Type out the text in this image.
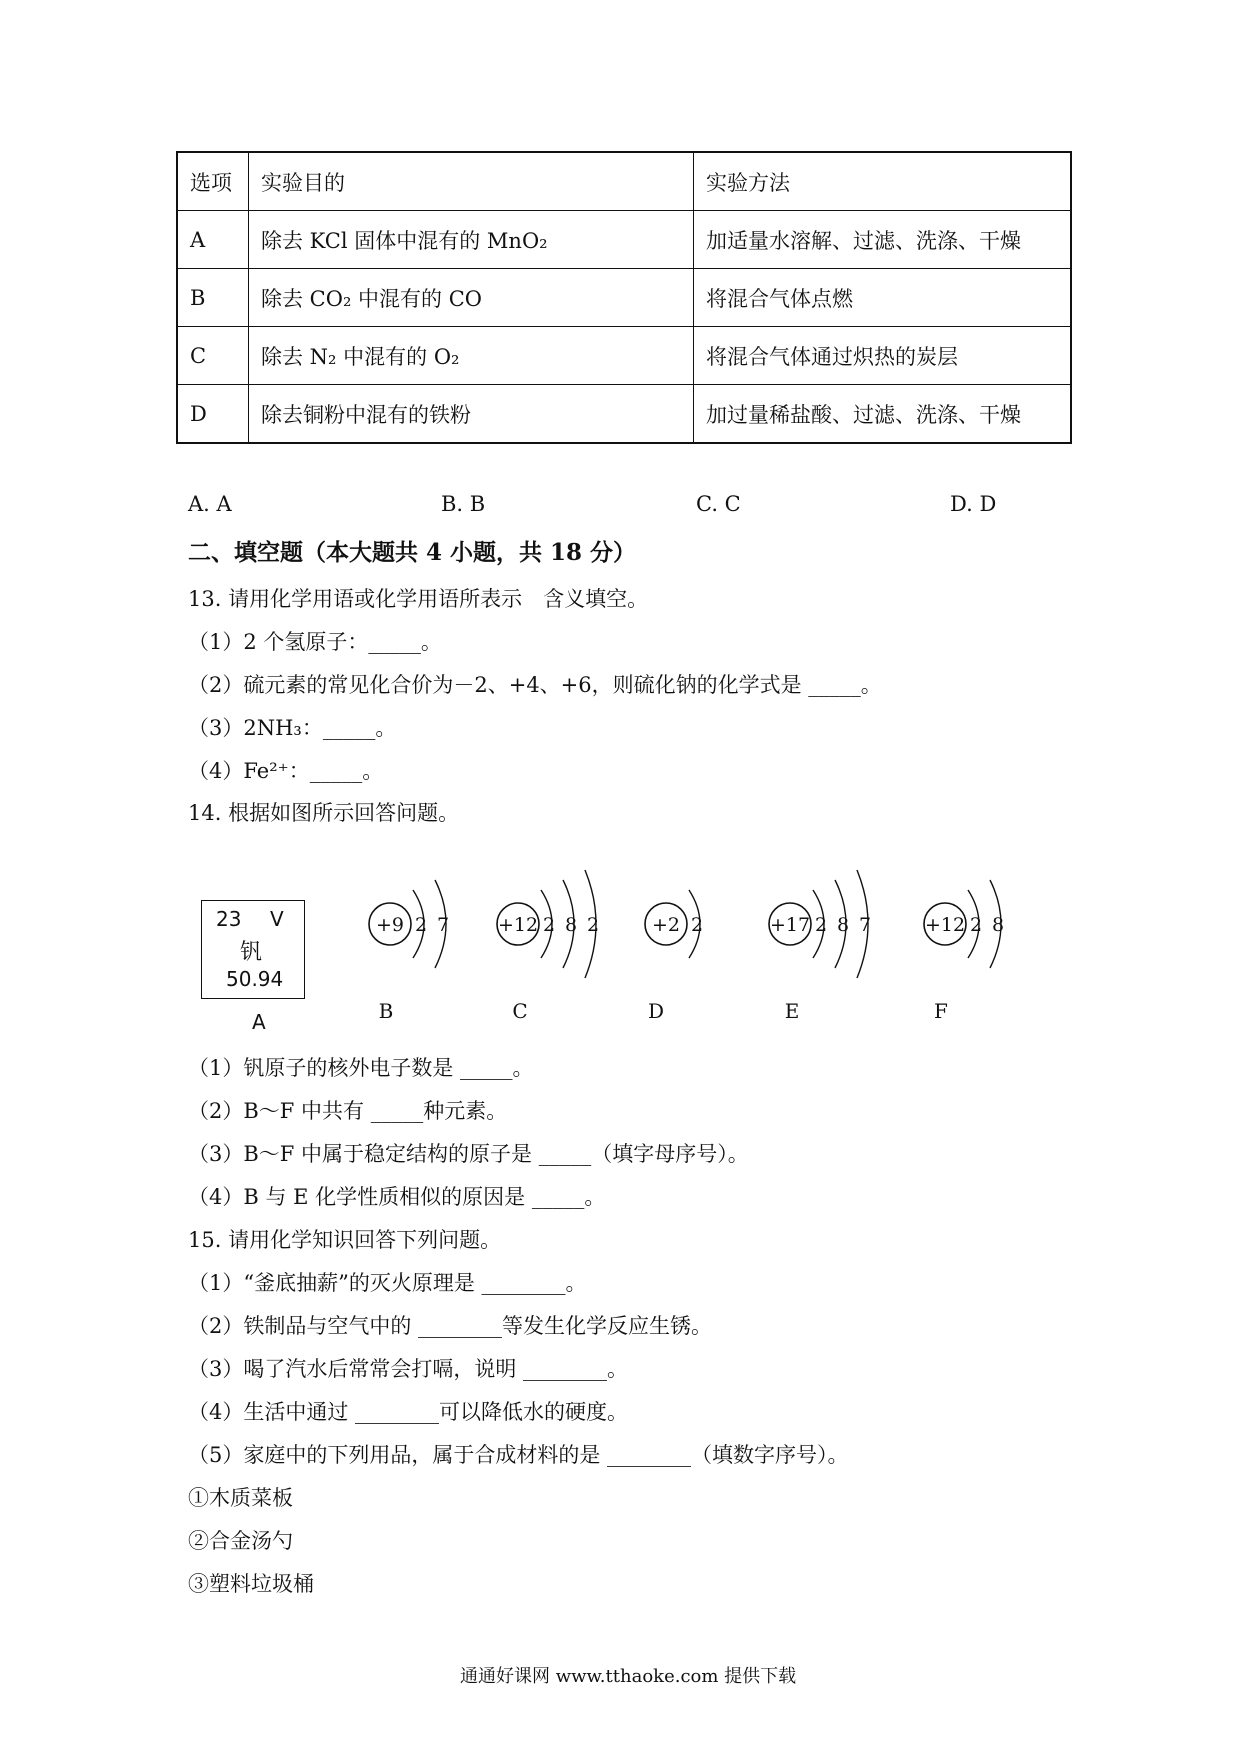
选项	实验目的	实验方法
A	除去 KCl 固体中混有的 MnO₂	加适量水溶解、过滤、洗涤、干燥
B	除去 CO₂ 中混有的 CO	将混合气体点燃
C	除去 N₂ 中混有的 O₂	将混合气体通过炽热的炭层
D	除去铜粉中混有的铁粉	加过量稀盐酸、过滤、洗涤、干燥
A. A	B. B	C. C	D. D
二、填空题（本大题共 4 小题，共 18 分）
13. 请用化学用语或化学用语所表示　含义填空。
（1）2 个氢原子：_____。
（2）硫元素的常见化合价为－2、+4、+6，则硫化钠的化学式是 _____。
（3）2NH₃：_____。
（4）Fe²⁺：_____。
14. 根据如图所示回答问题。
23 V
钒
50.94
A
+9 2 7
B
+12 2 8 2
C
+2 2
D
+17 2 8 7
E
+12 2 8
F
（1）钒原子的核外电子数是 _____。
（2）B～F 中共有 _____种元素。
（3）B～F 中属于稳定结构的原子是 _____（填字母序号）。
（4）B 与 E 化学性质相似的原因是 _____。
15. 请用化学知识回答下列问题。
（1）“釜底抽薪”的灭火原理是 ________。
（2）铁制品与空气中的 ________等发生化学反应生锈。
（3）喝了汽水后常常会打嗝，说明 ________。
（4）生活中通过 ________可以降低水的硬度。
（5）家庭中的下列用品，属于合成材料的是 ________（填数字序号）。
①木质菜板
②合金汤勺
③塑料垃圾桶
通通好课网 www.tthaoke.com 提供下载
